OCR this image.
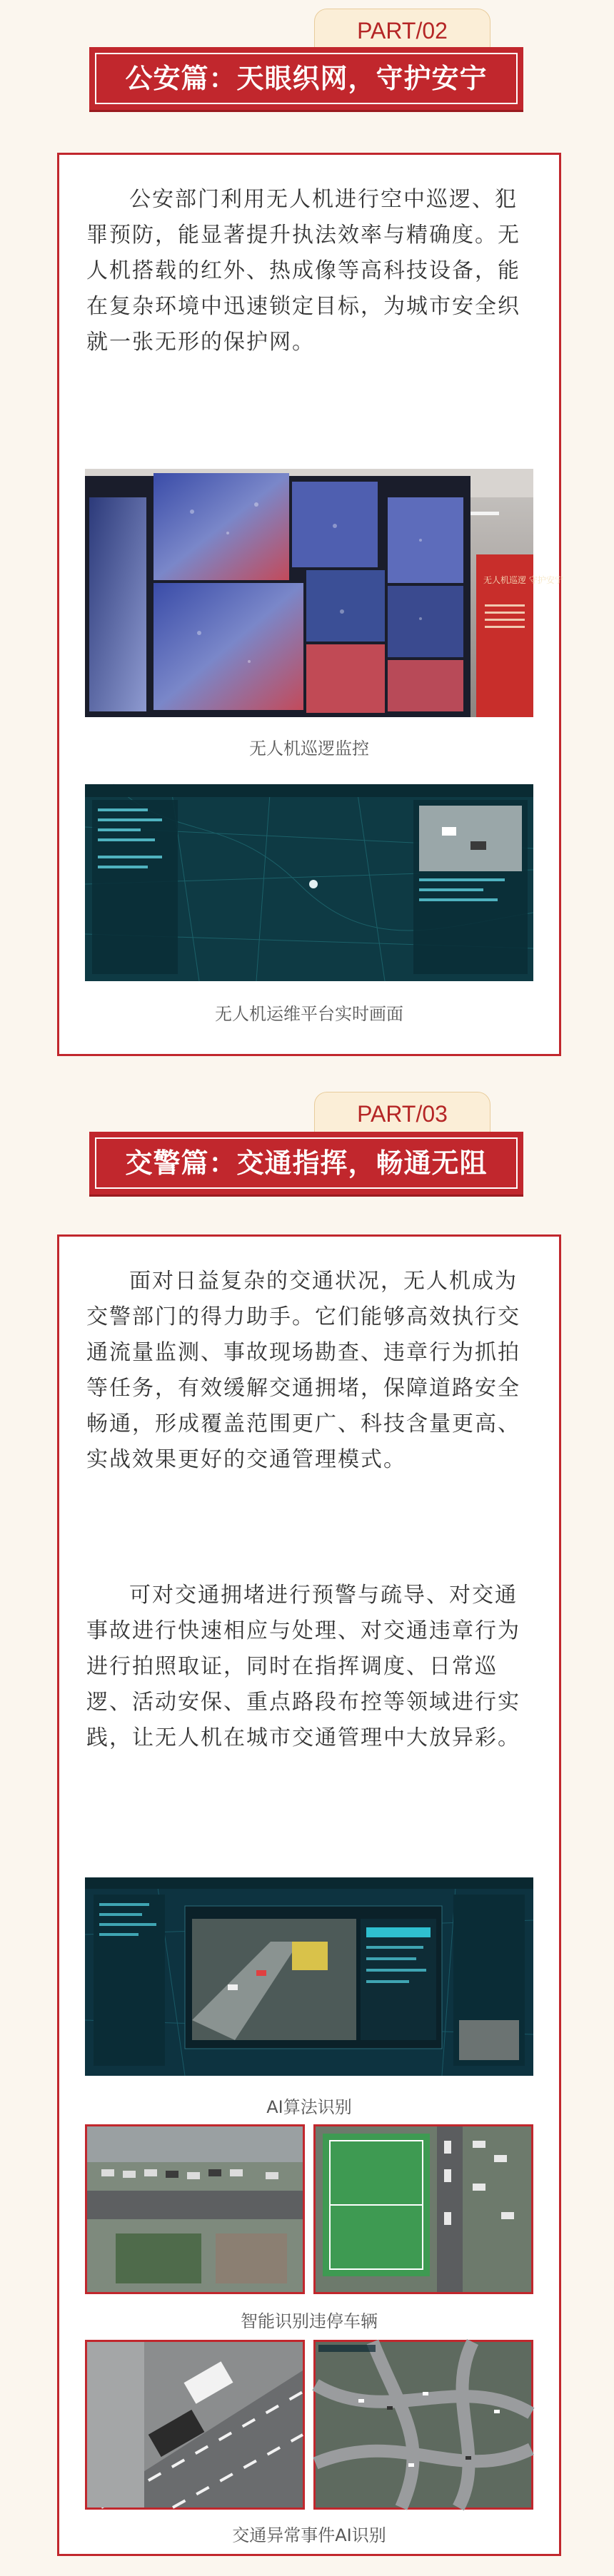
PART/02
公安篇：天眼织网，守护安宁

公安部门利用无人机进行空中巡逻、犯罪预防，能显著提升执法效率与精确度。无人机搭载的红外、热成像等高科技设备，能在复杂环境中迅速锁定目标，为城市安全织就一张无形的保护网。

无人机巡逻 守护安宁
无人机巡逻监控
无人机运维平台实时画面
PART/03
交警篇：交通指挥，畅通无阻

面对日益复杂的交通状况，无人机成为交警部门的得力助手。它们能够高效执行交通流量监测、事故现场勘查、违章行为抓拍等任务，有效缓解交通拥堵，保障道路安全畅通，形成覆盖范围更广、科技含量更高、实战效果更好的交通管理模式。

可对交通拥堵进行预警与疏导、对交通事故进行快速相应与处理、对交通违章行为进行拍照取证，同时在指挥调度、日常巡逻、活动安保、重点路段布控等领域进行实践，让无人机在城市交通管理中大放异彩。

AI算法识别
智能识别违停车辆
交通异常事件AI识别
